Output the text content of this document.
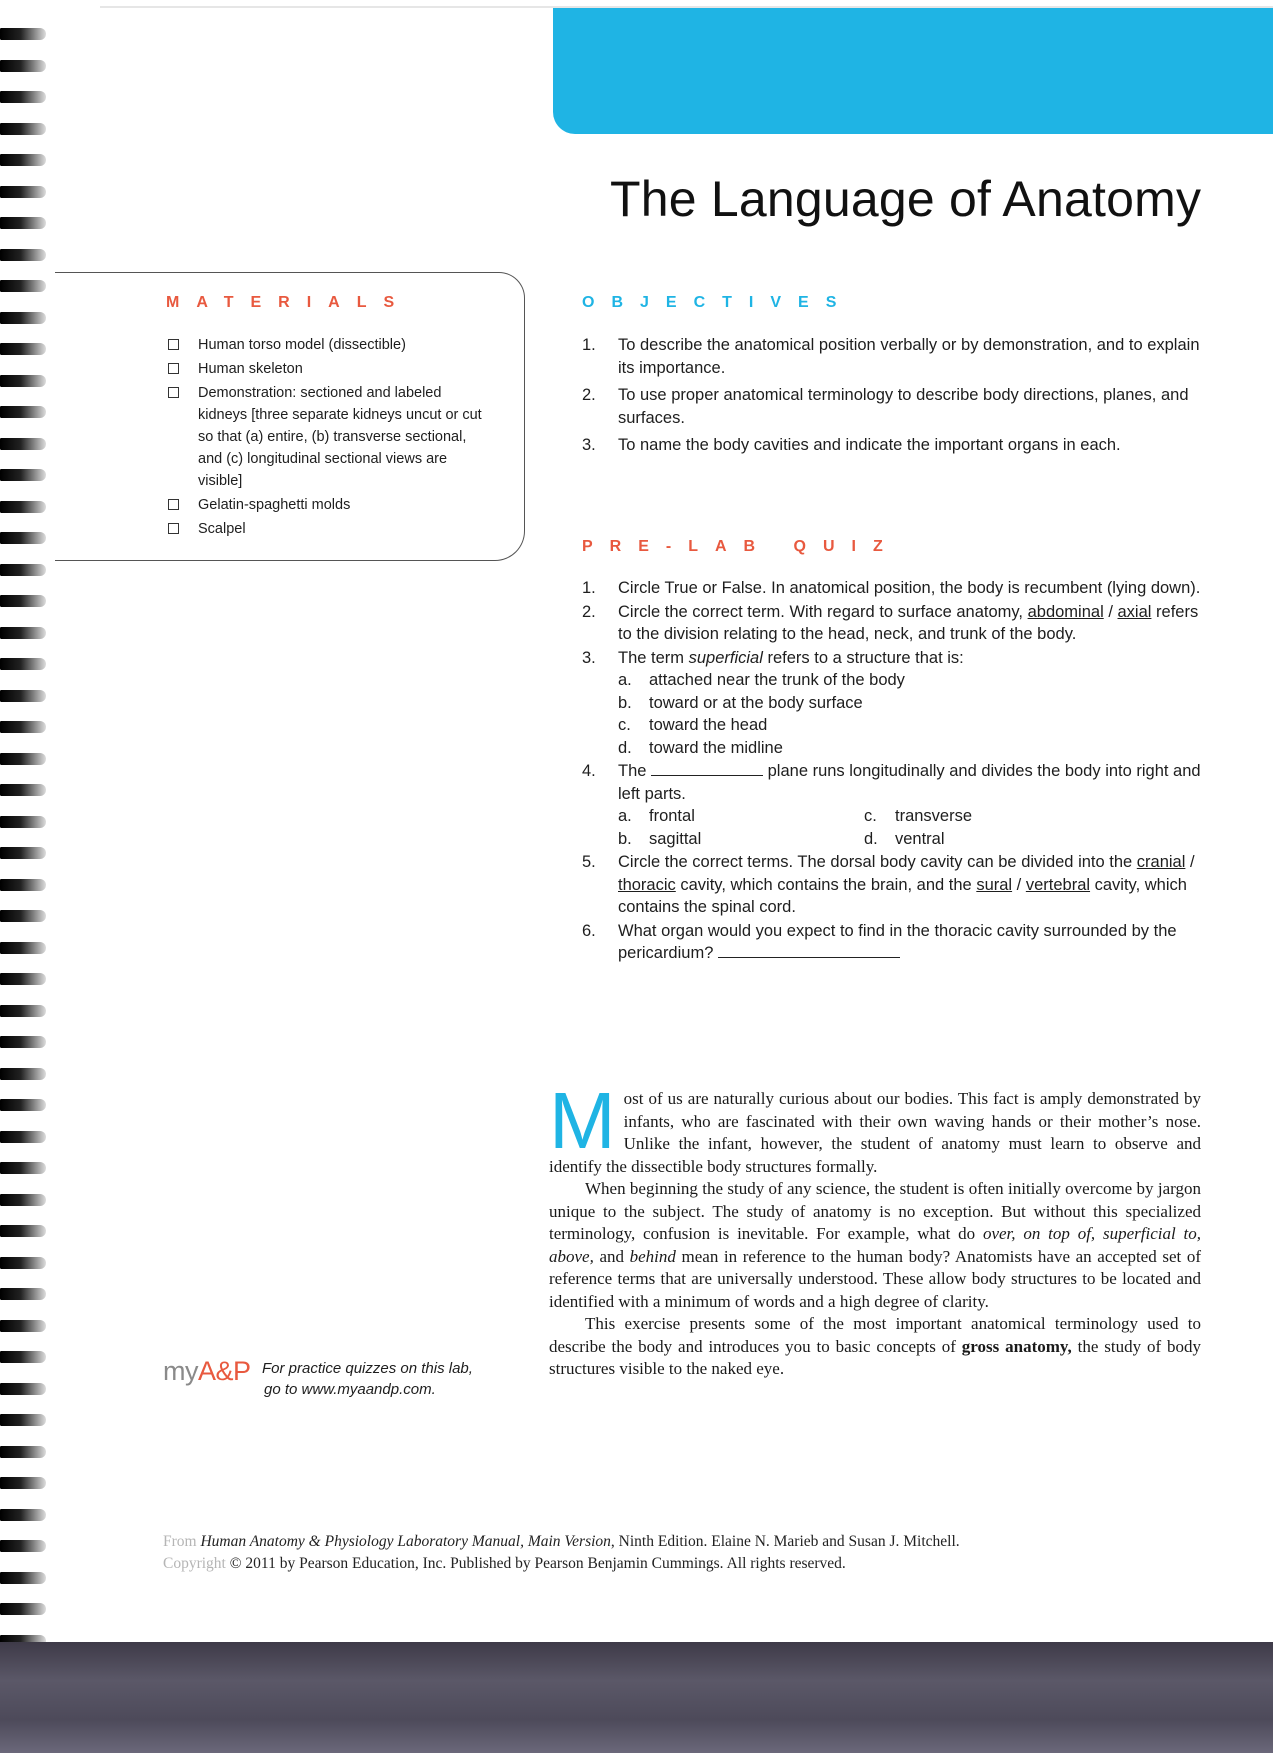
The Language of Anatomy
MATERIALS
Human torso model (dissectible)
Human skeleton
Demonstration: sectioned and labeled kidneys [three separate kidneys uncut or cut so that (a) entire, (b) transverse sectional, and (c) longitudinal sectional views are visible]
Gelatin-spaghetti molds
Scalpel
OBJECTIVES
1. To describe the anatomical position verbally or by demonstration, and to explain its importance.
2. To use proper anatomical terminology to describe body directions, planes, and surfaces.
3. To name the body cavities and indicate the important organs in each.
PRE-LAB QUIZ
1. Circle True or False. In anatomical position, the body is recumbent (lying down).
2. Circle the correct term. With regard to surface anatomy, abdominal / axial refers to the division relating to the head, neck, and trunk of the body.
3. The term superficial refers to a structure that is:
a. attached near the trunk of the body
b. toward or at the body surface
c. toward the head
d. toward the midline
4. The	plane runs longitudinally and divides the body into right and left parts.
a. frontal	c. transverse
b. sagittal	d. ventral
5. Circle the correct terms. The dorsal body cavity can be divided into the cranial / thoracic cavity, which contains the brain, and the sural / vertebral cavity, which contains the spinal cord.
6. What organ would you expect to find in the thoracic cavity surrounded by the pericardium?

Most of us are naturally curious about our bodies. This fact is amply demonstrated by infants, who are fascinated with their own waving hands or their mother’s nose. Unlike the infant, however, the student of anatomy must learn to observe and identify the dissectible body structures formally.

When beginning the study of any science, the student is often initially overcome by jargon unique to the subject. The study of anatomy is no exception. But without this specialized terminology, confusion is inevitable. For example, what do over, on top of, superficial to, above, and behind mean in reference to the human body? Anatomists have an accepted set of reference terms that are universally understood. These allow body structures to be located and identified with a minimum of words and a high degree of clarity.

This exercise presents some of the most important anatomical terminology used to describe the body and introduces you to basic concepts of gross anatomy, the study of body structures visible to the naked eye.

myA&P For practice quizzes on this lab,
go to www.myaandp.com.
From Human Anatomy & Physiology Laboratory Manual, Main Version, Ninth Edition. Elaine N. Marieb and Susan J. Mitchell.
Copyright © 2011 by Pearson Education, Inc. Published by Pearson Benjamin Cummings. All rights reserved.
